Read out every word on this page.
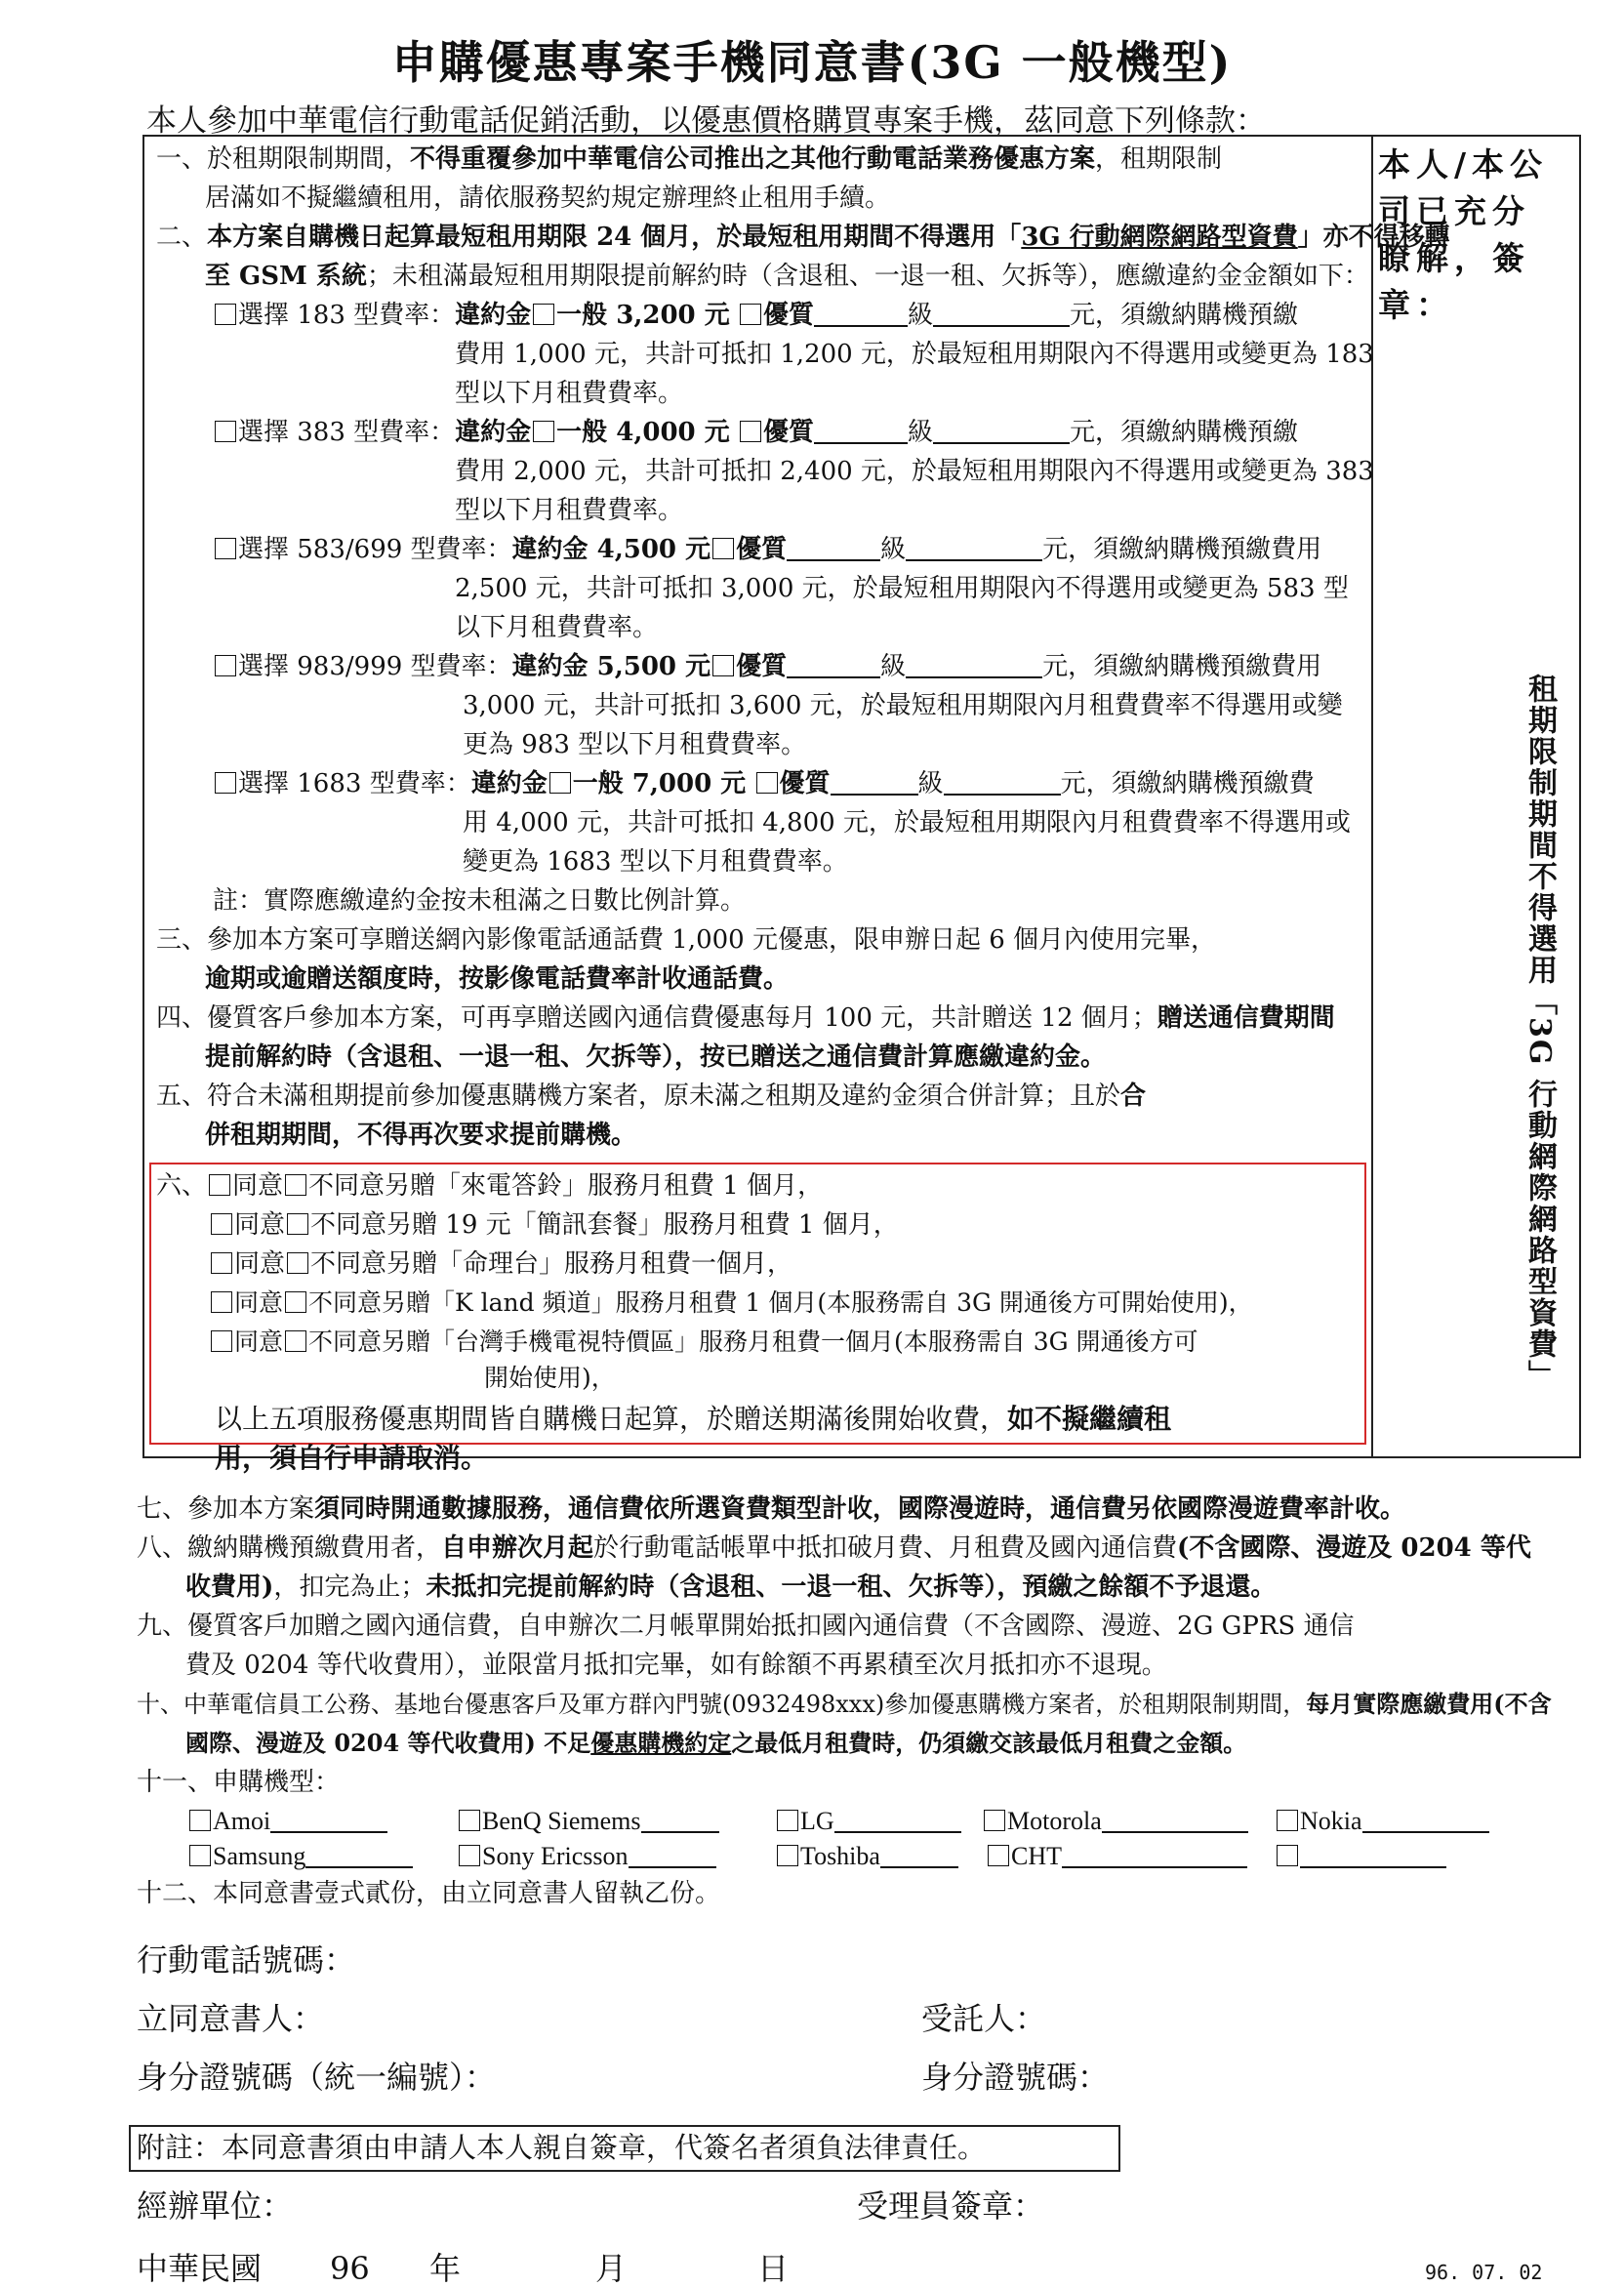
申購優惠專案手機同意書(3G 一般機型)
本人參加中華電信行動電話促銷活動，以優惠價格購買專案手機，茲同意下列條款：
本人/本公
司已充分
瞭解，簽
章：
租期限制期間不得選用「3G 行動網際網路型資費」
一、於租期限制期間，不得重覆參加中華電信公司推出之其他行動電話業務優惠方案，租期限制
居滿如不擬繼續租用，請依服務契約規定辦理終止租用手續。
二、本方案自購機日起算最短租用期限 24 個月，於最短租用期間不得選用「3G 行動網際網路型資費」亦不得移轉
至 GSM 系統；未租滿最短租用期限提前解約時（含退租、一退一租、欠拆等），應繳違約金金額如下：
選擇 183 型費率：違約金 一般 3,200 元 優質	級	元，須繳納購機預繳
費用 1,000 元，共計可抵扣 1,200 元，於最短租用期限內不得選用或變更為 183
型以下月租費費率。
選擇 383 型費率：違約金 一般 4,000 元 優質	級	元，須繳納購機預繳
費用 2,000 元，共計可抵扣 2,400 元，於最短租用期限內不得選用或變更為 383
型以下月租費費率。
選擇 583/699 型費率：違約金 4,500 元 優質	級	元，須繳納購機預繳費用
2,500 元，共計可抵扣 3,000 元，於最短租用期限內不得選用或變更為 583 型
以下月租費費率。
選擇 983/999 型費率：違約金 5,500 元 優質	級	元，須繳納購機預繳費用
3,000 元，共計可抵扣 3,600 元，於最短租用期限內月租費費率不得選用或變
更為 983 型以下月租費費率。
選擇 1683 型費率：違約金 一般 7,000 元 優質	級	元，須繳納購機預繳費
用 4,000 元，共計可抵扣 4,800 元，於最短租用期限內月租費費率不得選用或
變更為 1683 型以下月租費費率。
註：實際應繳違約金按未租滿之日數比例計算。
三、參加本方案可享贈送網內影像電話通話費 1,000 元優惠，限申辦日起 6 個月內使用完畢，
逾期或逾贈送額度時，按影像電話費率計收通話費。
四、優質客戶參加本方案，可再享贈送國內通信費優惠每月 100 元，共計贈送 12 個月；贈送通信費期間
提前解約時（含退租、一退一租、欠拆等），按已贈送之通信費計算應繳違約金。
五、符合未滿租期提前參加優惠購機方案者，原未滿之租期及違約金須合併計算；且於合
併租期期間，不得再次要求提前購機。
六、 同意 不同意另贈「來電答鈴」服務月租費 1 個月，
同意 不同意另贈 19 元「簡訊套餐」服務月租費 1 個月，
同意 不同意另贈「命理台」服務月租費一個月，
同意 不同意另贈「K land 頻道」服務月租費 1 個月(本服務需自 3G 開通後方可開始使用)，
同意 不同意另贈「台灣手機電視特價區」服務月租費一個月(本服務需自 3G 開通後方可
開始使用)，
以上五項服務優惠期間皆自購機日起算，於贈送期滿後開始收費，如不擬繼續租
用，須自行申請取消。
七、參加本方案須同時開通數據服務，通信費依所選資費類型計收，國際漫遊時，通信費另依國際漫遊費率計收。
八、繳納購機預繳費用者，自申辦次月起於行動電話帳單中抵扣破月費、月租費及國內通信費(不含國際、漫遊及 0204 等代
收費用)，扣完為止；未抵扣完提前解約時（含退租、一退一租、欠拆等），預繳之餘額不予退還。
九、優質客戶加贈之國內通信費，自申辦次二月帳單開始抵扣國內通信費（不含國際、漫遊、2G GPRS 通信
費及 0204 等代收費用），並限當月抵扣完畢，如有餘額不再累積至次月抵扣亦不退現。
十、中華電信員工公務、基地台優惠客戶及軍方群內門號(0932498xxx)參加優惠購機方案者，於租期限制期間，每月實際應繳費用(不含
國際、漫遊及 0204 等代收費用) 不足優惠購機約定之最低月租費時，仍須繳交該最低月租費之金額。
十一、申購機型：
Amoi	BenQ Siemems	LG	Motorola	Nokia
Samsung	Sony Ericsson	Toshiba	CHT
十二、本同意書壹式貳份，由立同意書人留執乙份。
行動電話號碼：
立同意書人：	受託人：
身分證號碼（統一編號）：	身分證號碼：
附註：本同意書須由申請人本人親自簽章，代簽名者須負法律責任。
經辦單位：	受理員簽章：
中華民國 96 年	月	日	96. 07. 02
